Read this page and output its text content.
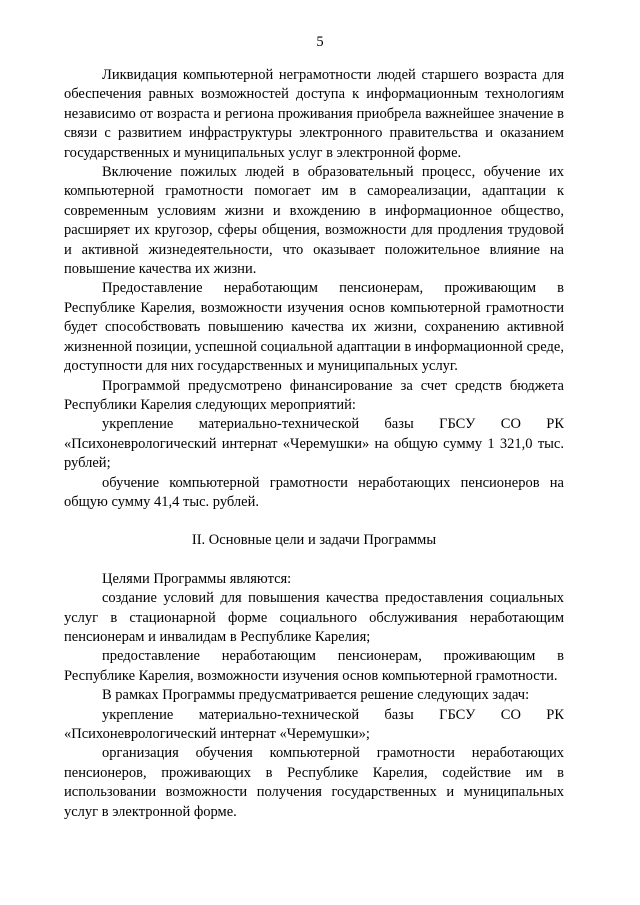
5

Ликвидация компьютерной неграмотности людей старшего возраста для обеспечения равных возможностей доступа к информационным технологиям независимо от возраста и региона проживания приобрела важнейшее значение в связи с развитием инфраструктуры электронного правительства и оказанием государственных и муниципальных услуг в электронной форме.

Включение пожилых людей в образовательный процесс, обучение их компьютерной грамотности помогает им в самореализации, адаптации к современным условиям жизни и вхождению в информационное общество, расширяет их кругозор, сферы общения, возможности для продления трудовой и активной жизнедеятельности, что оказывает положительное влияние на повышение качества их жизни.

Предоставление неработающим пенсионерам, проживающим в Республике Карелия, возможности изучения основ компьютерной грамотности будет способствовать повышению качества их жизни, сохранению активной жизненной позиции, успешной социальной адаптации в информационной среде, доступности для них государственных и муниципальных услуг.

Программой предусмотрено финансирование за счет средств бюджета Республики Карелия следующих мероприятий:

укрепление материально-технической базы ГБСУ СО РК «Психоневрологический интернат «Черемушки» на общую сумму 1 321,0 тыс. рублей;

обучение компьютерной грамотности неработающих пенсионеров на общую сумму 41,4 тыс. рублей.

II. Основные цели и задачи Программы

Целями Программы являются:

создание условий для повышения качества предоставления социальных услуг в стационарной форме социального обслуживания неработающим пенсионерам и инвалидам в Республике Карелия;

предоставление неработающим пенсионерам, проживающим в Республике Карелия, возможности изучения основ компьютерной грамотности.

В рамках Программы предусматривается решение следующих задач:

укрепление материально-технической базы ГБСУ СО РК «Психоневрологический интернат «Черемушки»;

организация обучения компьютерной грамотности неработающих пенсионеров, проживающих в Республике Карелия, содействие им в использовании возможности получения государственных и муниципальных услуг в электронной форме.
